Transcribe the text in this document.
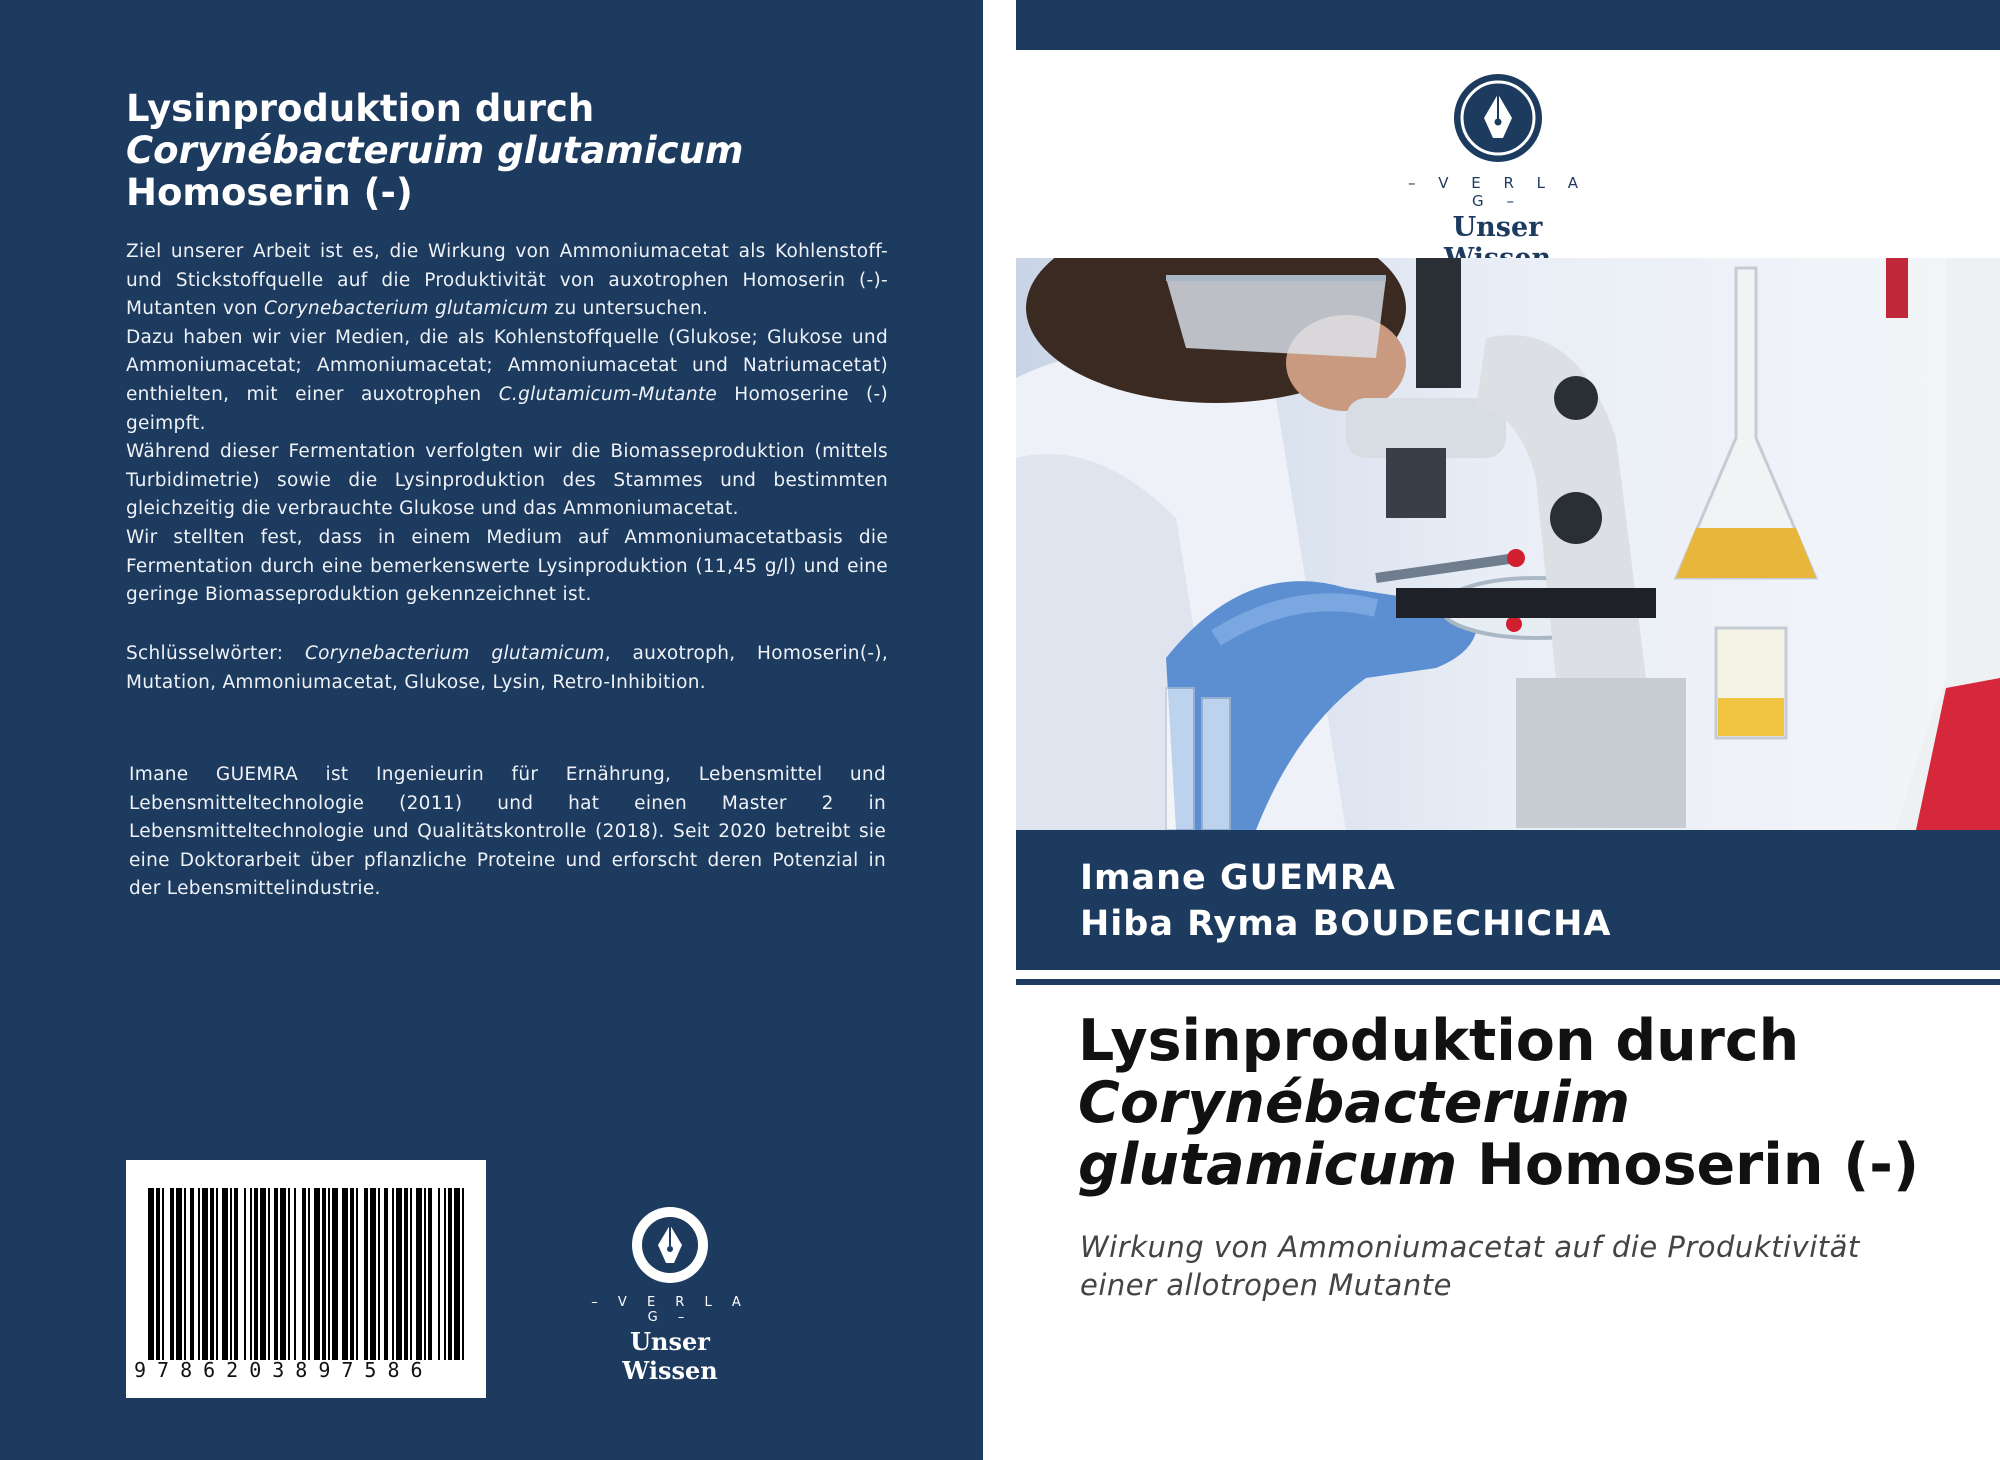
Lysinproduktion durch
Corynébacteruim glutamicum
Homoserin (-)
Ziel unserer Arbeit ist es, die Wirkung von Ammoniumacetat als Kohlenstoff- und Stickstoffquelle auf die Produktivität von auxotrophen Homoserin (-)-Mutanten von Corynebacterium glutamicum zu untersuchen.
Dazu haben wir vier Medien, die als Kohlenstoffquelle (Glukose; Glukose und Ammoniumacetat; Ammoniumacetat; Ammoniumacetat und Natriumacetat) enthielten, mit einer auxotrophen C.glutamicum-Mutante Homoserine (-) geimpft.
Während dieser Fermentation verfolgten wir die Biomasseproduktion (mittels Turbidimetrie) sowie die Lysinproduktion des Stammes und bestimmten gleichzeitig die verbrauchte Glukose und das Ammoniumacetat.
Wir stellten fest, dass in einem Medium auf Ammoniumacetatbasis die Fermentation durch eine bemerkenswerte Lysinproduktion (11,45 g/l) und eine geringe Biomasseproduktion gekennzeichnet ist.
Schlüsselwörter: Corynebacterium glutamicum, auxotroph, Homoserin(-), Mutation, Ammoniumacetat, Glukose, Lysin, Retro-Inhibition.
Imane GUEMRA ist Ingenieurin für Ernährung, Lebensmittel und Lebensmitteltechnologie (2011) und hat einen Master 2 in Lebensmitteltechnologie und Qualitätskontrolle (2018). Seit 2020 betreibt sie eine Doktorarbeit über pflanzliche Proteine und erforscht deren Potenzial in der Lebensmittelindustrie.
9786203897586
– V E R L A G –
Unser Wissen
– V E R L A G –
Unser
Imane GUEMRA
Hiba Ryma BOUDECHICHA
Lysinproduktion durch
Corynébacteruim
glutamicum Homoserin (-)
Wirkung von Ammoniumacetat auf die Produktivität
einer allotropen Mutante
